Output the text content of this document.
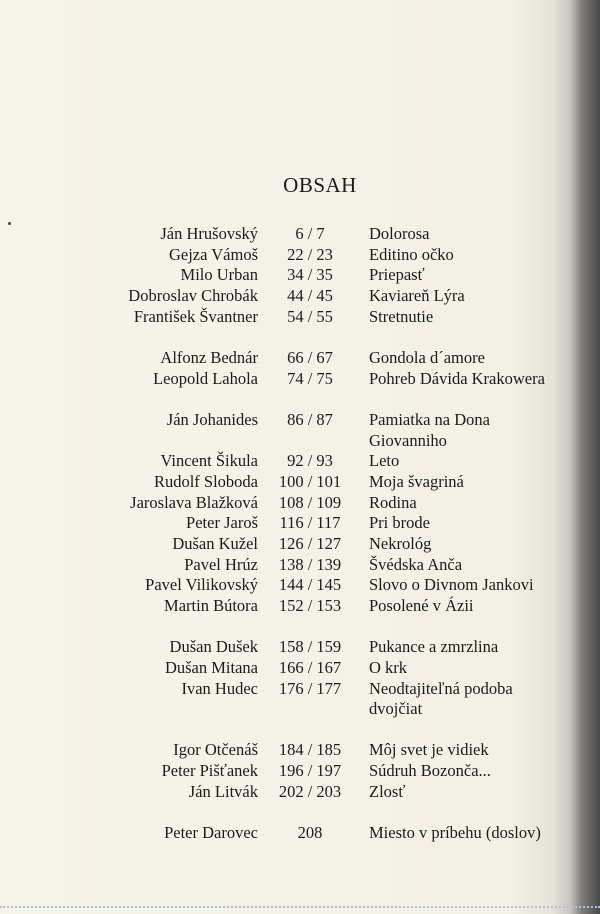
OBSAH
Ján Hrušovský	6 / 7	Dolorosa
Gejza Vámoš	22 / 23	Editino očko
Milo Urban	34 / 35	Priepasť
Dobroslav Chrobák	44 / 45	Kaviareň Lýra
František Švantner	54 / 55	Stretnutie
Alfonz Bednár	66 / 67	Gondola d´amore
Leopold Lahola	74 / 75	Pohreb Dávida Krakowera
Ján Johanides	86 / 87	Pamiatka na Dona Giovanniho
Vincent Šikula	92 / 93	Leto
Rudolf Sloboda	100 / 101	Moja švagriná
Jaroslava Blažková	108 / 109	Rodina
Peter Jaroš	116 / 117	Pri brode
Dušan Kužel	126 / 127	Nekrológ
Pavel Hrúz	138 / 139	Švédska Anča
Pavel Vilikovský	144 / 145	Slovo o Divnom Jankovi
Martin Bútora	152 / 153	Posolené v Ázii
Dušan Dušek	158 / 159	Pukance a zmrzlina
Dušan Mitana	166 / 167	O krk
Ivan Hudec	176 / 177	Neodtajiteľná podoba dvojčiat
Igor Otčenáš	184 / 185	Môj svet je vidiek
Peter Pišťanek	196 / 197	Súdruh Bozonča...
Ján Litvák	202 / 203	Zlosť
Peter Darovec	208	Miesto v príbehu (doslov)
